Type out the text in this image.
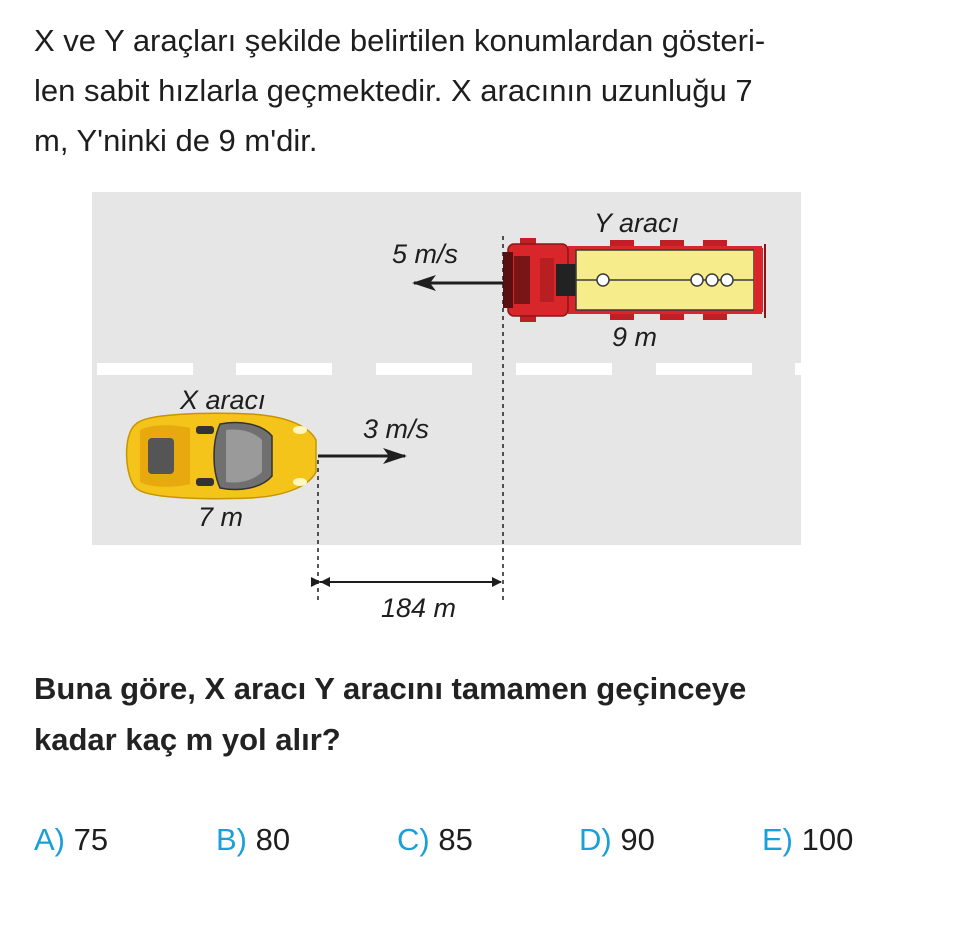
X ve Y araçları şekilde belirtilen konumlardan gösteri-
len sabit hızlarla geçmektedir. X aracının uzunluğu 7
m, Y'ninki de 9 m'dir.

Y aracı
5 m/s
9 m
X aracı
3 m/s
7 m
184 m

Buna göre, X aracı Y aracını tamamen geçinceye
kadar kaç m yol alır?

A) 75	B) 80	C) 85	D) 90	E) 100
